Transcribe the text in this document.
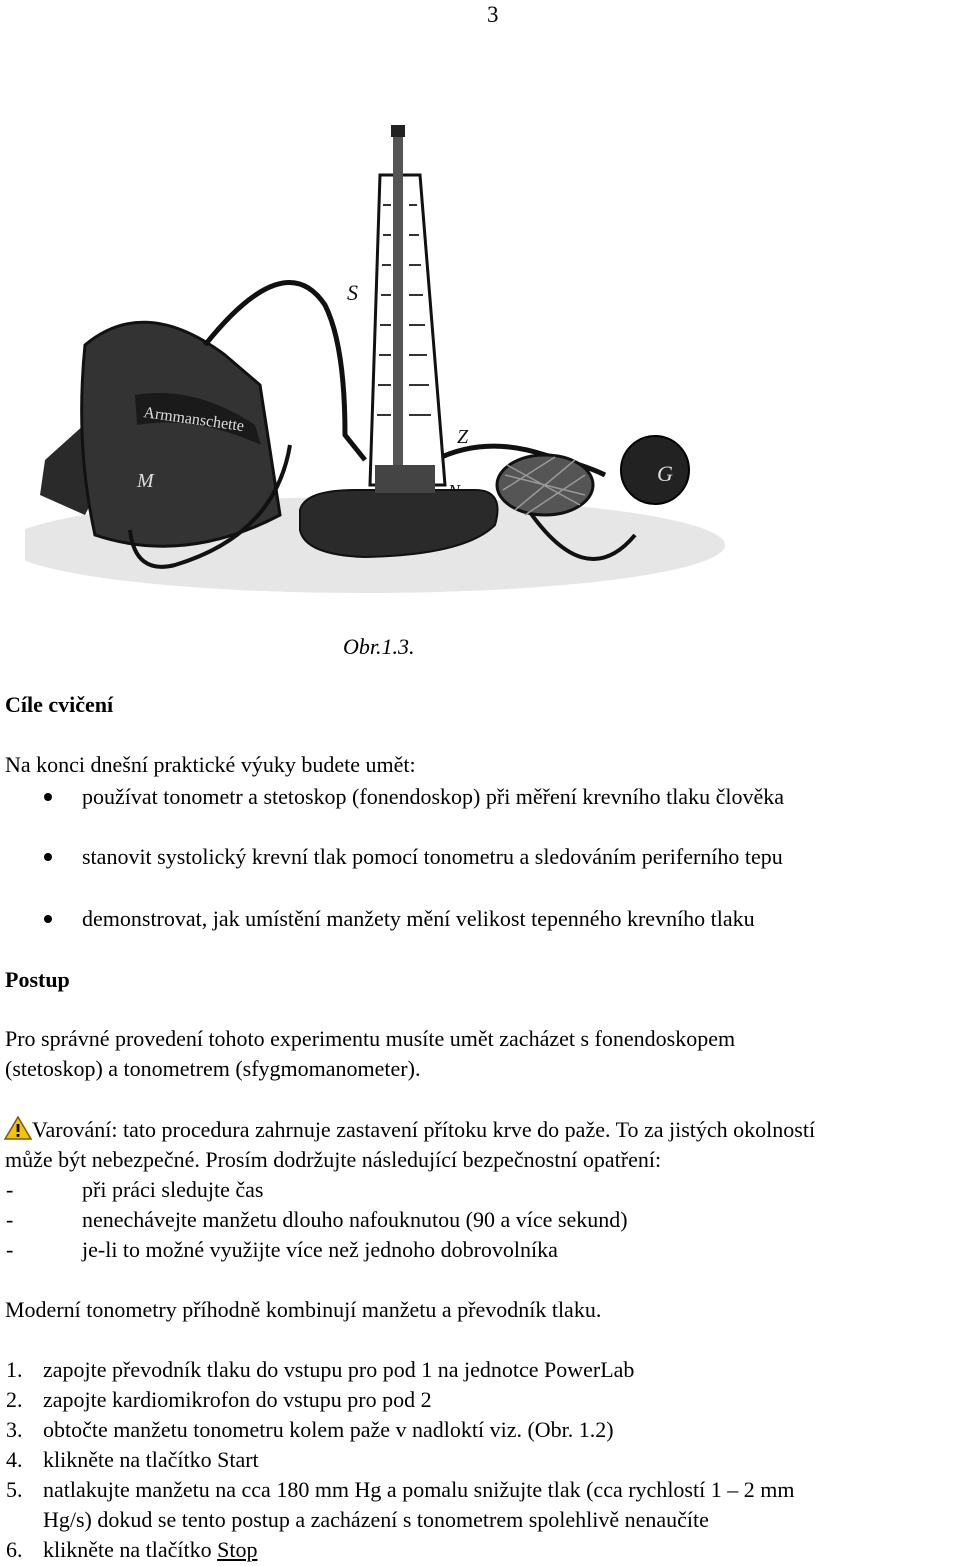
3
Armmanschette
M
S
Z
G
Obr.1.3.
Cíle cvičení
Na konci dnešní praktické výuky budete umět:
používat tonometr a stetoskop (fonendoskop) při měření krevního tlaku člověka
stanovit systolický krevní tlak pomocí tonometru a sledováním periferního tepu
demonstrovat, jak umístění manžety mění velikost tepenného krevního tlaku
Postup
Pro správné provedení tohoto experimentu musíte umět zacházet s fonendoskopem
(stetoskop) a tonometrem (sfygmomanometer).
Varování: tato procedura zahrnuje zastavení přítoku krve do paže. To za jistých okolností
může být nebezpečné. Prosím dodržujte následující bezpečnostní opatření:
-	při práci sledujte čas
-	nenechávejte manžetu dlouho nafouknutou (90 a více sekund)
-	je-li to možné využijte více než jednoho dobrovolníka
Moderní tonometry příhodně kombinují manžetu a převodník tlaku.
1. zapojte převodník tlaku do vstupu pro pod 1 na jednotce PowerLab
2. zapojte kardiomikrofon do vstupu pro pod 2
3. obtočte manžetu tonometru kolem paže v nadloktí viz. (Obr. 1.2)
4. klikněte na tlačítko Start
5. natlakujte manžetu na cca 180 mm Hg a pomalu snižujte tlak (cca rychlostí 1 – 2 mm
Hg/s) dokud se tento postup a zacházení s tonometrem spolehlivě nenaučíte
6. klikněte na tlačítko Stop
